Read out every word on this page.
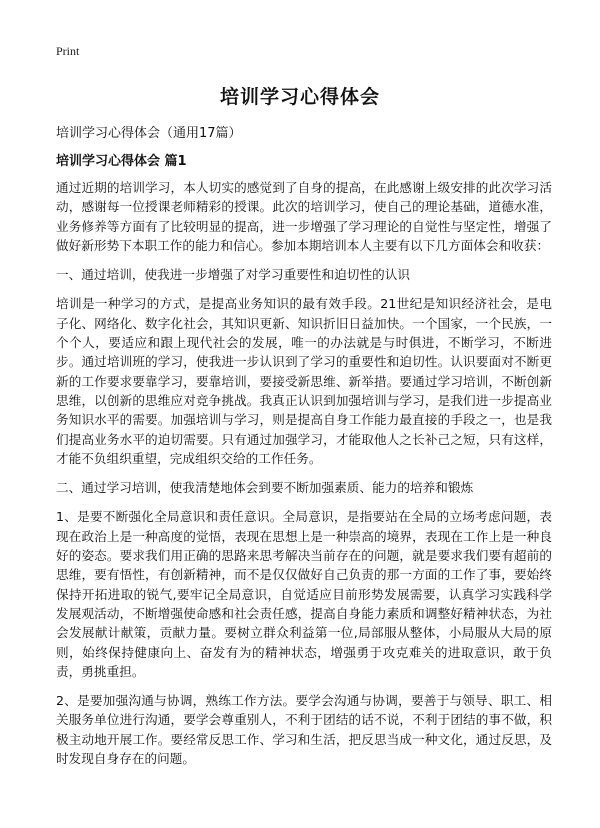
Print
培训学习心得体会
培训学习心得体会（通用17篇）
培训学习心得体会 篇1

通过近期的培训学习，本人切实的感觉到了自身的提高，在此感谢上级安排的此次学习活动，感谢每一位授课老师精彩的授课。此次的培训学习，使自己的理论基础，道德水准，业务修养等方面有了比较明显的提高，进一步增强了学习理论的自觉性与坚定性，增强了做好新形势下本职工作的能力和信心。参加本期培训本人主要有以下几方面体会和收获：

一、通过培训，使我进一步增强了对学习重要性和迫切性的认识

培训是一种学习的方式，是提高业务知识的最有效手段。21世纪是知识经济社会，是电子化、网络化、数字化社会，其知识更新、知识折旧日益加快。一个国家，一个民族，一个个人，要适应和跟上现代社会的发展，唯一的办法就是与时俱进，不断学习，不断进步。通过培训班的学习，使我进一步认识到了学习的重要性和迫切性。认识要面对不断更新的工作要求要靠学习，要靠培训，要接受新思维、新举措。要通过学习培训，不断创新思维，以创新的思维应对竞争挑战。我真正认识到加强培训与学习，是我们进一步提高业务知识水平的需要。加强培训与学习，则是提高自身工作能力最直接的手段之一，也是我们提高业务水平的迫切需要。只有通过加强学习，才能取他人之长补己之短，只有这样，才能不负组织重望，完成组织交给的工作任务。

二、通过学习培训，使我清楚地体会到要不断加强素质、能力的培养和锻炼

1、是要不断强化全局意识和责任意识。全局意识，是指要站在全局的立场考虑问题，表现在政治上是一种高度的觉悟，表现在思想上是一种崇高的境界，表现在工作上是一种良好的姿态。要求我们用正确的思路来思考解决当前存在的问题，就是要求我们要有超前的思维，要有悟性，有创新精神，而不是仅仅做好自己负责的那一方面的工作了事，要始终保持开拓进取的锐气,要牢记全局意识，自觉适应目前形势发展需要，认真学习实践科学发展观活动，不断增强使命感和社会责任感，提高自身能力素质和调整好精神状态，为社会发展献计献策，贡献力量。要树立群众利益第一位,局部服从整体，小局服从大局的原则，始终保持健康向上、奋发有为的精神状态，增强勇于攻克难关的进取意识，敢于负责，勇挑重担。

2、是要加强沟通与协调，熟练工作方法。要学会沟通与协调，要善于与领导、职工、相关服务单位进行沟通，要学会尊重别人，不利于团结的话不说，不利于团结的事不做，积极主动地开展工作。要经常反思工作、学习和生活，把反思当成一种文化，通过反思，及时发现自身存在的问题。
